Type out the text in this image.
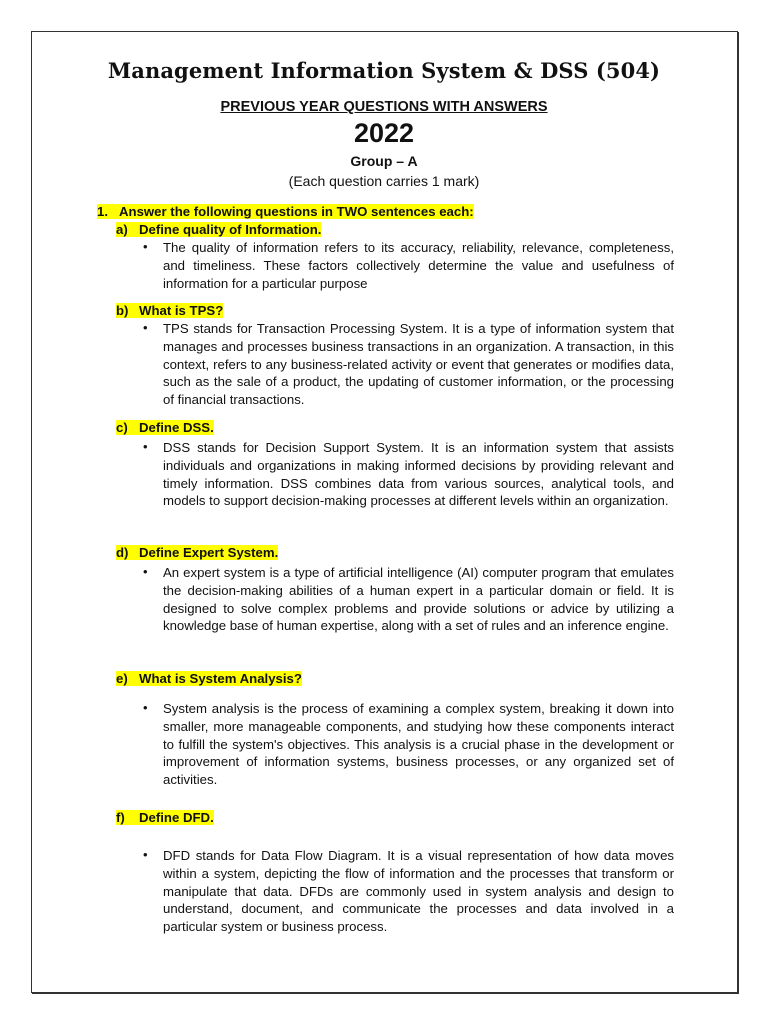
Management Information System & DSS (504)
PREVIOUS YEAR QUESTIONS WITH ANSWERS
2022
Group – A
(Each question carries 1 mark)
1. Answer the following questions in TWO sentences each:
a) Define quality of Information.
• The quality of information refers to its accuracy, reliability, relevance, completeness, and timeliness. These factors collectively determine the value and usefulness of information for a particular purpose
b) What is TPS?
• TPS stands for Transaction Processing System. It is a type of information system that manages and processes business transactions in an organization. A transaction, in this context, refers to any business-related activity or event that generates or modifies data, such as the sale of a product, the updating of customer information, or the processing of financial transactions.
c) Define DSS.
• DSS stands for Decision Support System. It is an information system that assists individuals and organizations in making informed decisions by providing relevant and timely information. DSS combines data from various sources, analytical tools, and models to support decision-making processes at different levels within an organization.
d) Define Expert System.
• An expert system is a type of artificial intelligence (AI) computer program that emulates the decision-making abilities of a human expert in a particular domain or field. It is designed to solve complex problems and provide solutions or advice by utilizing a knowledge base of human expertise, along with a set of rules and an inference engine.
e) What is System Analysis?
• System analysis is the process of examining a complex system, breaking it down into smaller, more manageable components, and studying how these components interact to fulfill the system's objectives. This analysis is a crucial phase in the development or improvement of information systems, business processes, or any organized set of activities.
f) Define DFD.
• DFD stands for Data Flow Diagram. It is a visual representation of how data moves within a system, depicting the flow of information and the processes that transform or manipulate that data. DFDs are commonly used in system analysis and design to understand, document, and communicate the processes and data involved in a particular system or business process.
